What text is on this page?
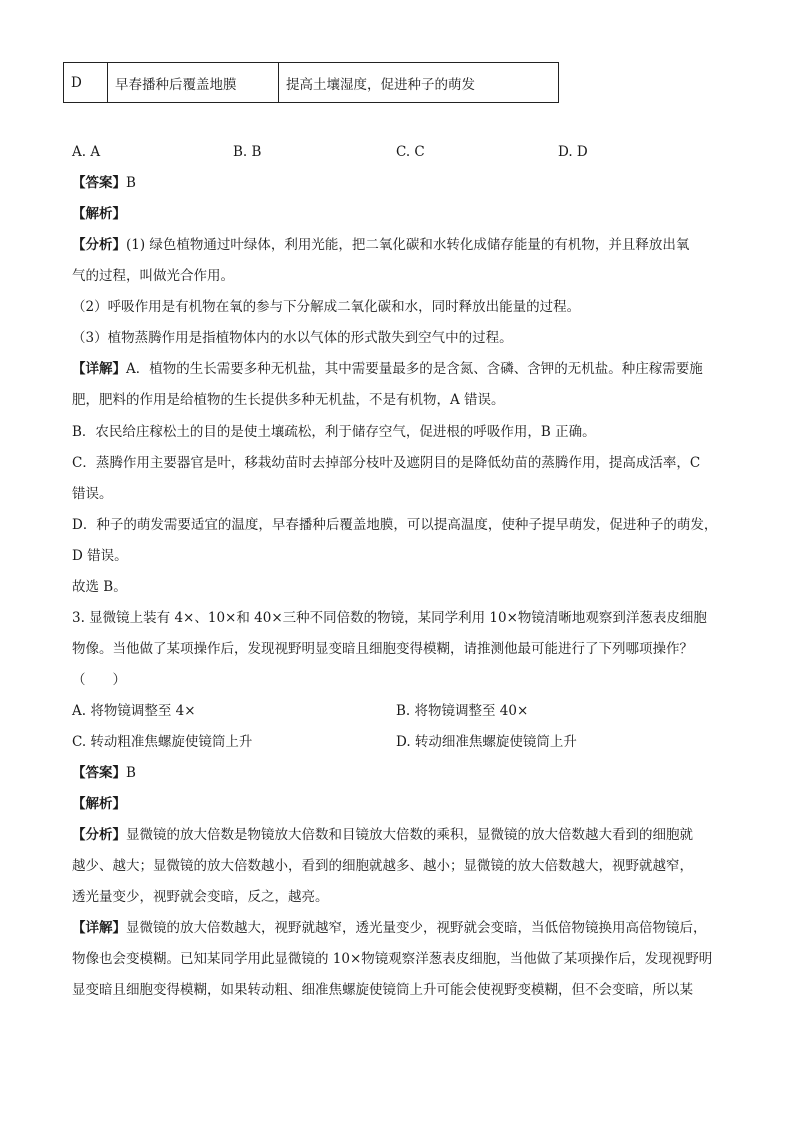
D	早春播种后覆盖地膜	提高土壤湿度，促进种子的萌发
A. A	B. B	C. C	D. D
【答案】B
【解析】
【分析】(1) 绿色植物通过叶绿体，利用光能，把二氧化碳和水转化成储存能量的有机物，并且释放出氧
气的过程，叫做光合作用。
（2）呼吸作用是有机物在氧的参与下分解成二氧化碳和水，同时释放出能量的过程。
（3）植物蒸腾作用是指植物体内的水以气体的形式散失到空气中的过程。
【详解】A．植物的生长需要多种无机盐，其中需要量最多的是含氮、含磷、含钾的无机盐。种庄稼需要施
肥，肥料的作用是给植物的生长提供多种无机盐，不是有机物，A 错误。
B．农民给庄稼松土的目的是使土壤疏松，利于储存空气，促进根的呼吸作用，B 正确。
C．蒸腾作用主要器官是叶，移栽幼苗时去掉部分枝叶及遮阴目的是降低幼苗的蒸腾作用，提高成活率，C
错误。
D．种子的萌发需要适宜的温度，早春播种后覆盖地膜，可以提高温度，使种子提早萌发，促进种子的萌发，
D 错误。
故选 B。
3. 显微镜上装有 4×、10×和 40×三种不同倍数的物镜，某同学利用 10×物镜清晰地观察到洋葱表皮细胞
物像。当他做了某项操作后，发现视野明显变暗且细胞变得模糊，请推测他最可能进行了下列哪项操作？
（　　）
A. 将物镜调整至 4×	B. 将物镜调整至 40×
C. 转动粗准焦螺旋使镜筒上升	D. 转动细准焦螺旋使镜筒上升
【答案】B
【解析】
【分析】显微镜的放大倍数是物镜放大倍数和目镜放大倍数的乘积，显微镜的放大倍数越大看到的细胞就
越少、越大；显微镜的放大倍数越小，看到的细胞就越多、越小；显微镜的放大倍数越大，视野就越窄，
透光量变少，视野就会变暗，反之，越亮。
【详解】显微镜的放大倍数越大，视野就越窄，透光量变少，视野就会变暗，当低倍物镜换用高倍物镜后，
物像也会变模糊。已知某同学用此显微镜的 10×物镜观察洋葱表皮细胞，当他做了某项操作后，发现视野明
显变暗且细胞变得模糊，如果转动粗、细准焦螺旋使镜筒上升可能会使视野变模糊，但不会变暗，所以某
